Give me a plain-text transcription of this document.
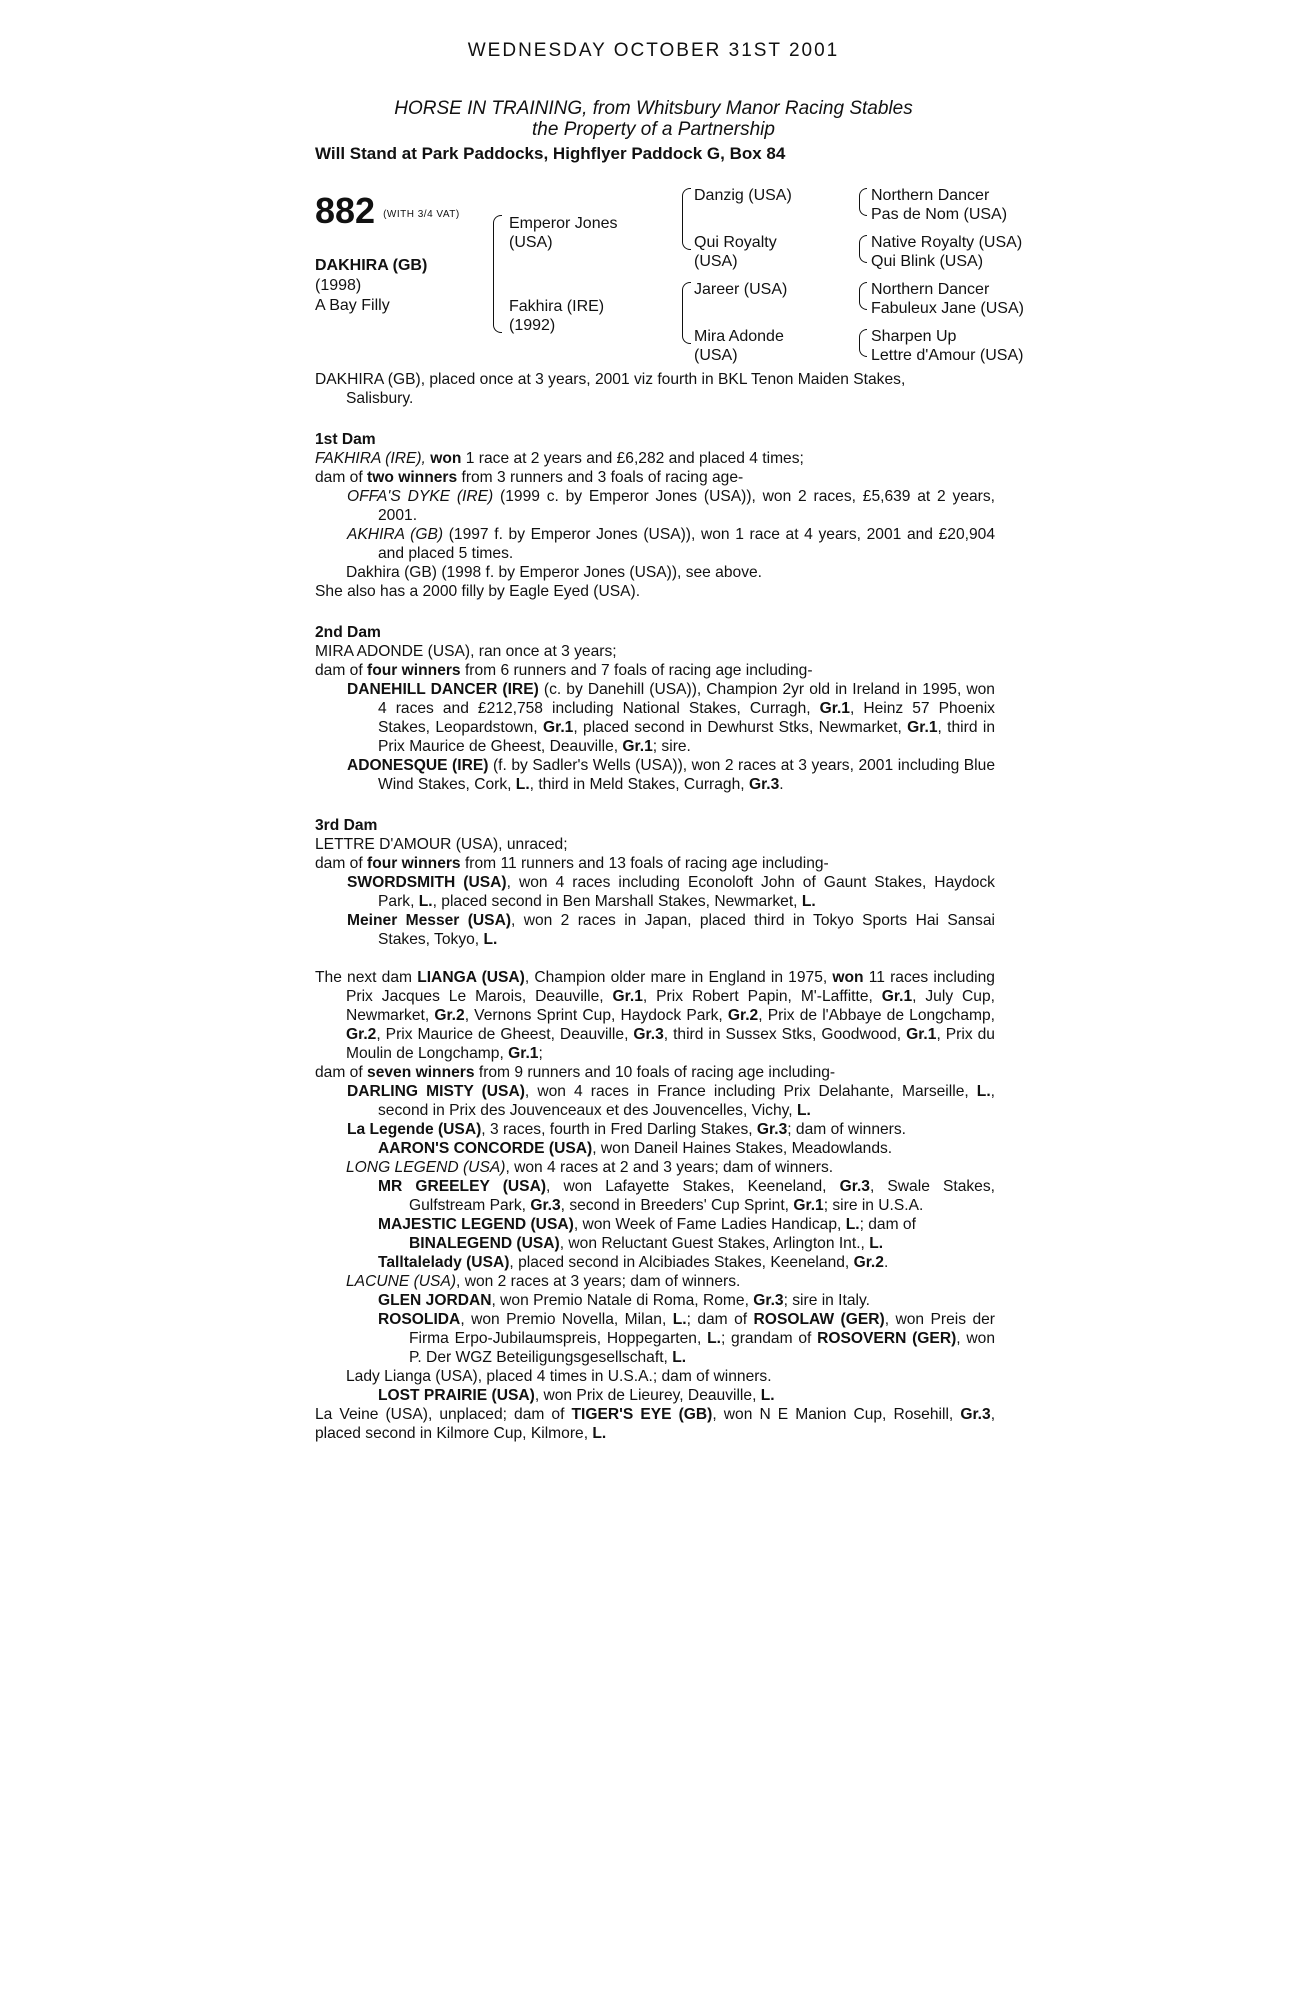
WEDNESDAY OCTOBER 31ST 2001
HORSE IN TRAINING, from Whitsbury Manor Racing Stables
the Property of a Partnership
Will Stand at Park Paddocks, Highflyer Paddock G, Box 84
882 $^{(WITH 3/4 VAT)}$
DAKHIRA (GB)
(1998)
A Bay Filly
Emperor Jones (USA)
Fakhira (IRE) (1992)
Danzig (USA)
Qui Royalty (USA)
Jareer (USA)
Mira Adonde (USA)
Northern Dancer
Pas de Nom (USA)
Native Royalty (USA)
Qui Blink (USA)
Northern Dancer
Fabuleux Jane (USA)
Sharpen Up
Lettre d'Amour (USA)

DAKHIRA (GB), placed once at 3 years, 2001 viz fourth in BKL Tenon Maiden Stakes,

Salisbury.

1st Dam

FAKHIRA (IRE), won 1 race at 2 years and £6,282 and placed 4 times;

dam of two winners from 3 runners and 3 foals of racing age-

OFFA'S DYKE (IRE) (1999 c. by Emperor Jones (USA)), won 2 races, £5,639 at 2 years, 2001.

AKHIRA (GB) (1997 f. by Emperor Jones (USA)), won 1 race at 4 years, 2001 and £20,904 and placed 5 times.

Dakhira (GB) (1998 f. by Emperor Jones (USA)), see above.

She also has a 2000 filly by Eagle Eyed (USA).

2nd Dam

MIRA ADONDE (USA), ran once at 3 years;

dam of four winners from 6 runners and 7 foals of racing age including-

DANEHILL DANCER (IRE) (c. by Danehill (USA)), Champion 2yr old in Ireland in 1995, won 4 races and £212,758 including National Stakes, Curragh, Gr.1, Heinz 57 Phoenix Stakes, Leopardstown, Gr.1, placed second in Dewhurst Stks, Newmarket, Gr.1, third in Prix Maurice de Gheest, Deauville, Gr.1; sire.

ADONESQUE (IRE) (f. by Sadler's Wells (USA)), won 2 races at 3 years, 2001 including Blue Wind Stakes, Cork, L., third in Meld Stakes, Curragh, Gr.3.

3rd Dam

LETTRE D'AMOUR (USA), unraced;

dam of four winners from 11 runners and 13 foals of racing age including-

SWORDSMITH (USA), won 4 races including Econoloft John of Gaunt Stakes, Haydock Park, L., placed second in Ben Marshall Stakes, Newmarket, L.

Meiner Messer (USA), won 2 races in Japan, placed third in Tokyo Sports Hai Sansai Stakes, Tokyo, L.

The next dam LIANGA (USA), Champion older mare in England in 1975, won 11 races including Prix Jacques Le Marois, Deauville, Gr.1, Prix Robert Papin, M'-Laffitte, Gr.1, July Cup, Newmarket, Gr.2, Vernons Sprint Cup, Haydock Park, Gr.2, Prix de l'Abbaye de Longchamp, Gr.2, Prix Maurice de Gheest, Deauville, Gr.3, third in Sussex Stks, Goodwood, Gr.1, Prix du Moulin de Longchamp, Gr.1;

dam of seven winners from 9 runners and 10 foals of racing age including-

DARLING MISTY (USA), won 4 races in France including Prix Delahante, Marseille, L., second in Prix des Jouvenceaux et des Jouvencelles, Vichy, L.

La Legende (USA), 3 races, fourth in Fred Darling Stakes, Gr.3; dam of winners.

AARON'S CONCORDE (USA), won Daneil Haines Stakes, Meadowlands.

LONG LEGEND (USA), won 4 races at 2 and 3 years; dam of winners.

MR GREELEY (USA), won Lafayette Stakes, Keeneland, Gr.3, Swale Stakes, Gulfstream Park, Gr.3, second in Breeders' Cup Sprint, Gr.1; sire in U.S.A.

MAJESTIC LEGEND (USA), won Week of Fame Ladies Handicap, L.; dam of

BINALEGEND (USA), won Reluctant Guest Stakes, Arlington Int., L.

Talltalelady (USA), placed second in Alcibiades Stakes, Keeneland, Gr.2.

LACUNE (USA), won 2 races at 3 years; dam of winners.

GLEN JORDAN, won Premio Natale di Roma, Rome, Gr.3; sire in Italy.

ROSOLIDA, won Premio Novella, Milan, L.; dam of ROSOLAW (GER), won Preis der Firma Erpo-Jubilaumspreis, Hoppegarten, L.; grandam of ROSOVERN (GER), won P. Der WGZ Beteiligungsgesellschaft, L.

Lady Lianga (USA), placed 4 times in U.S.A.; dam of winners.

LOST PRAIRIE (USA), won Prix de Lieurey, Deauville, L.

La Veine (USA), unplaced; dam of TIGER'S EYE (GB), won N E Manion Cup, Rosehill, Gr.3, placed second in Kilmore Cup, Kilmore, L.
